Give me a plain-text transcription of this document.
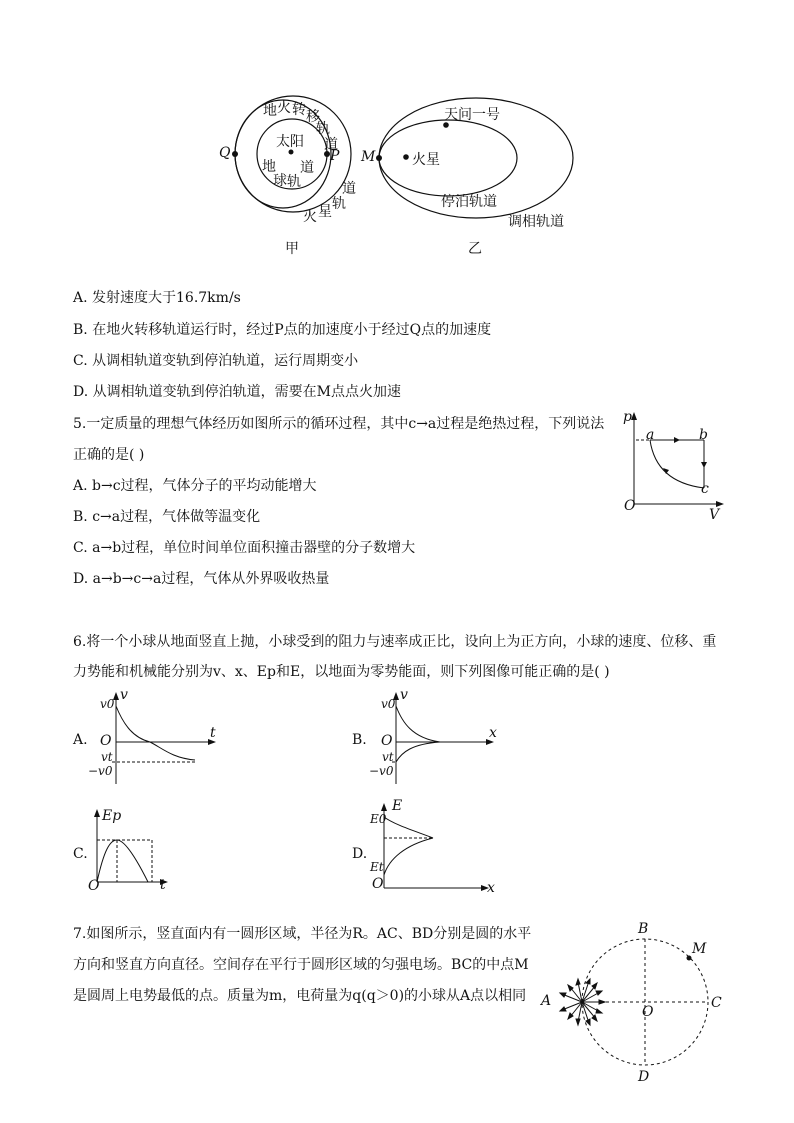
太阳
Q	P
地 火 转 移
轨
道
地
球 轨
道
火 星 轨
道
甲
天问一号
火星
M
停泊轨道
调相轨道
乙
A. 发射速度大于16.7km/s
B. 在地火转移轨道运行时，经过P点的加速度小于经过Q点的加速度
C. 从调相轨道变轨到停泊轨道，运行周期变小
D. 从调相轨道变轨到停泊轨道，需要在M点点火加速
5.一定质量的理想气体经历如图所示的循环过程，其中c→a过程是绝热过程，下列说法
正确的是( )
A. b→c过程，气体分子的平均动能增大
B. c→a过程，气体做等温变化
C. a→b过程，单位时间单位面积撞击器壁的分子数增大
D. a→b→c→a过程，气体从外界吸收热量
p
a	b
c
O
V
6.将一个小球从地面竖直上抛，小球受到的阻力与速率成正比，设向上为正方向，小球的速度、位移、重
力势能和机械能分别为v、x、Ep和E，以地面为零势能面，则下列图像可能正确的是( )
A.
v
v0
O	t
vt
−v0
B.
v
v0
O	x
vt
−v0
C.
Ep
O	t
D.
E
E0
Et
O	x
7.如图所示，竖直面内有一圆形区域，半径为R。AC、BD分别是圆的水平
方向和竖直方向直径。空间存在平行于圆形区域的匀强电场。BC的中点M
是圆周上电势最低的点。质量为m，电荷量为q(q＞0)的小球从A点以相同
B
M
A	C
O
D
